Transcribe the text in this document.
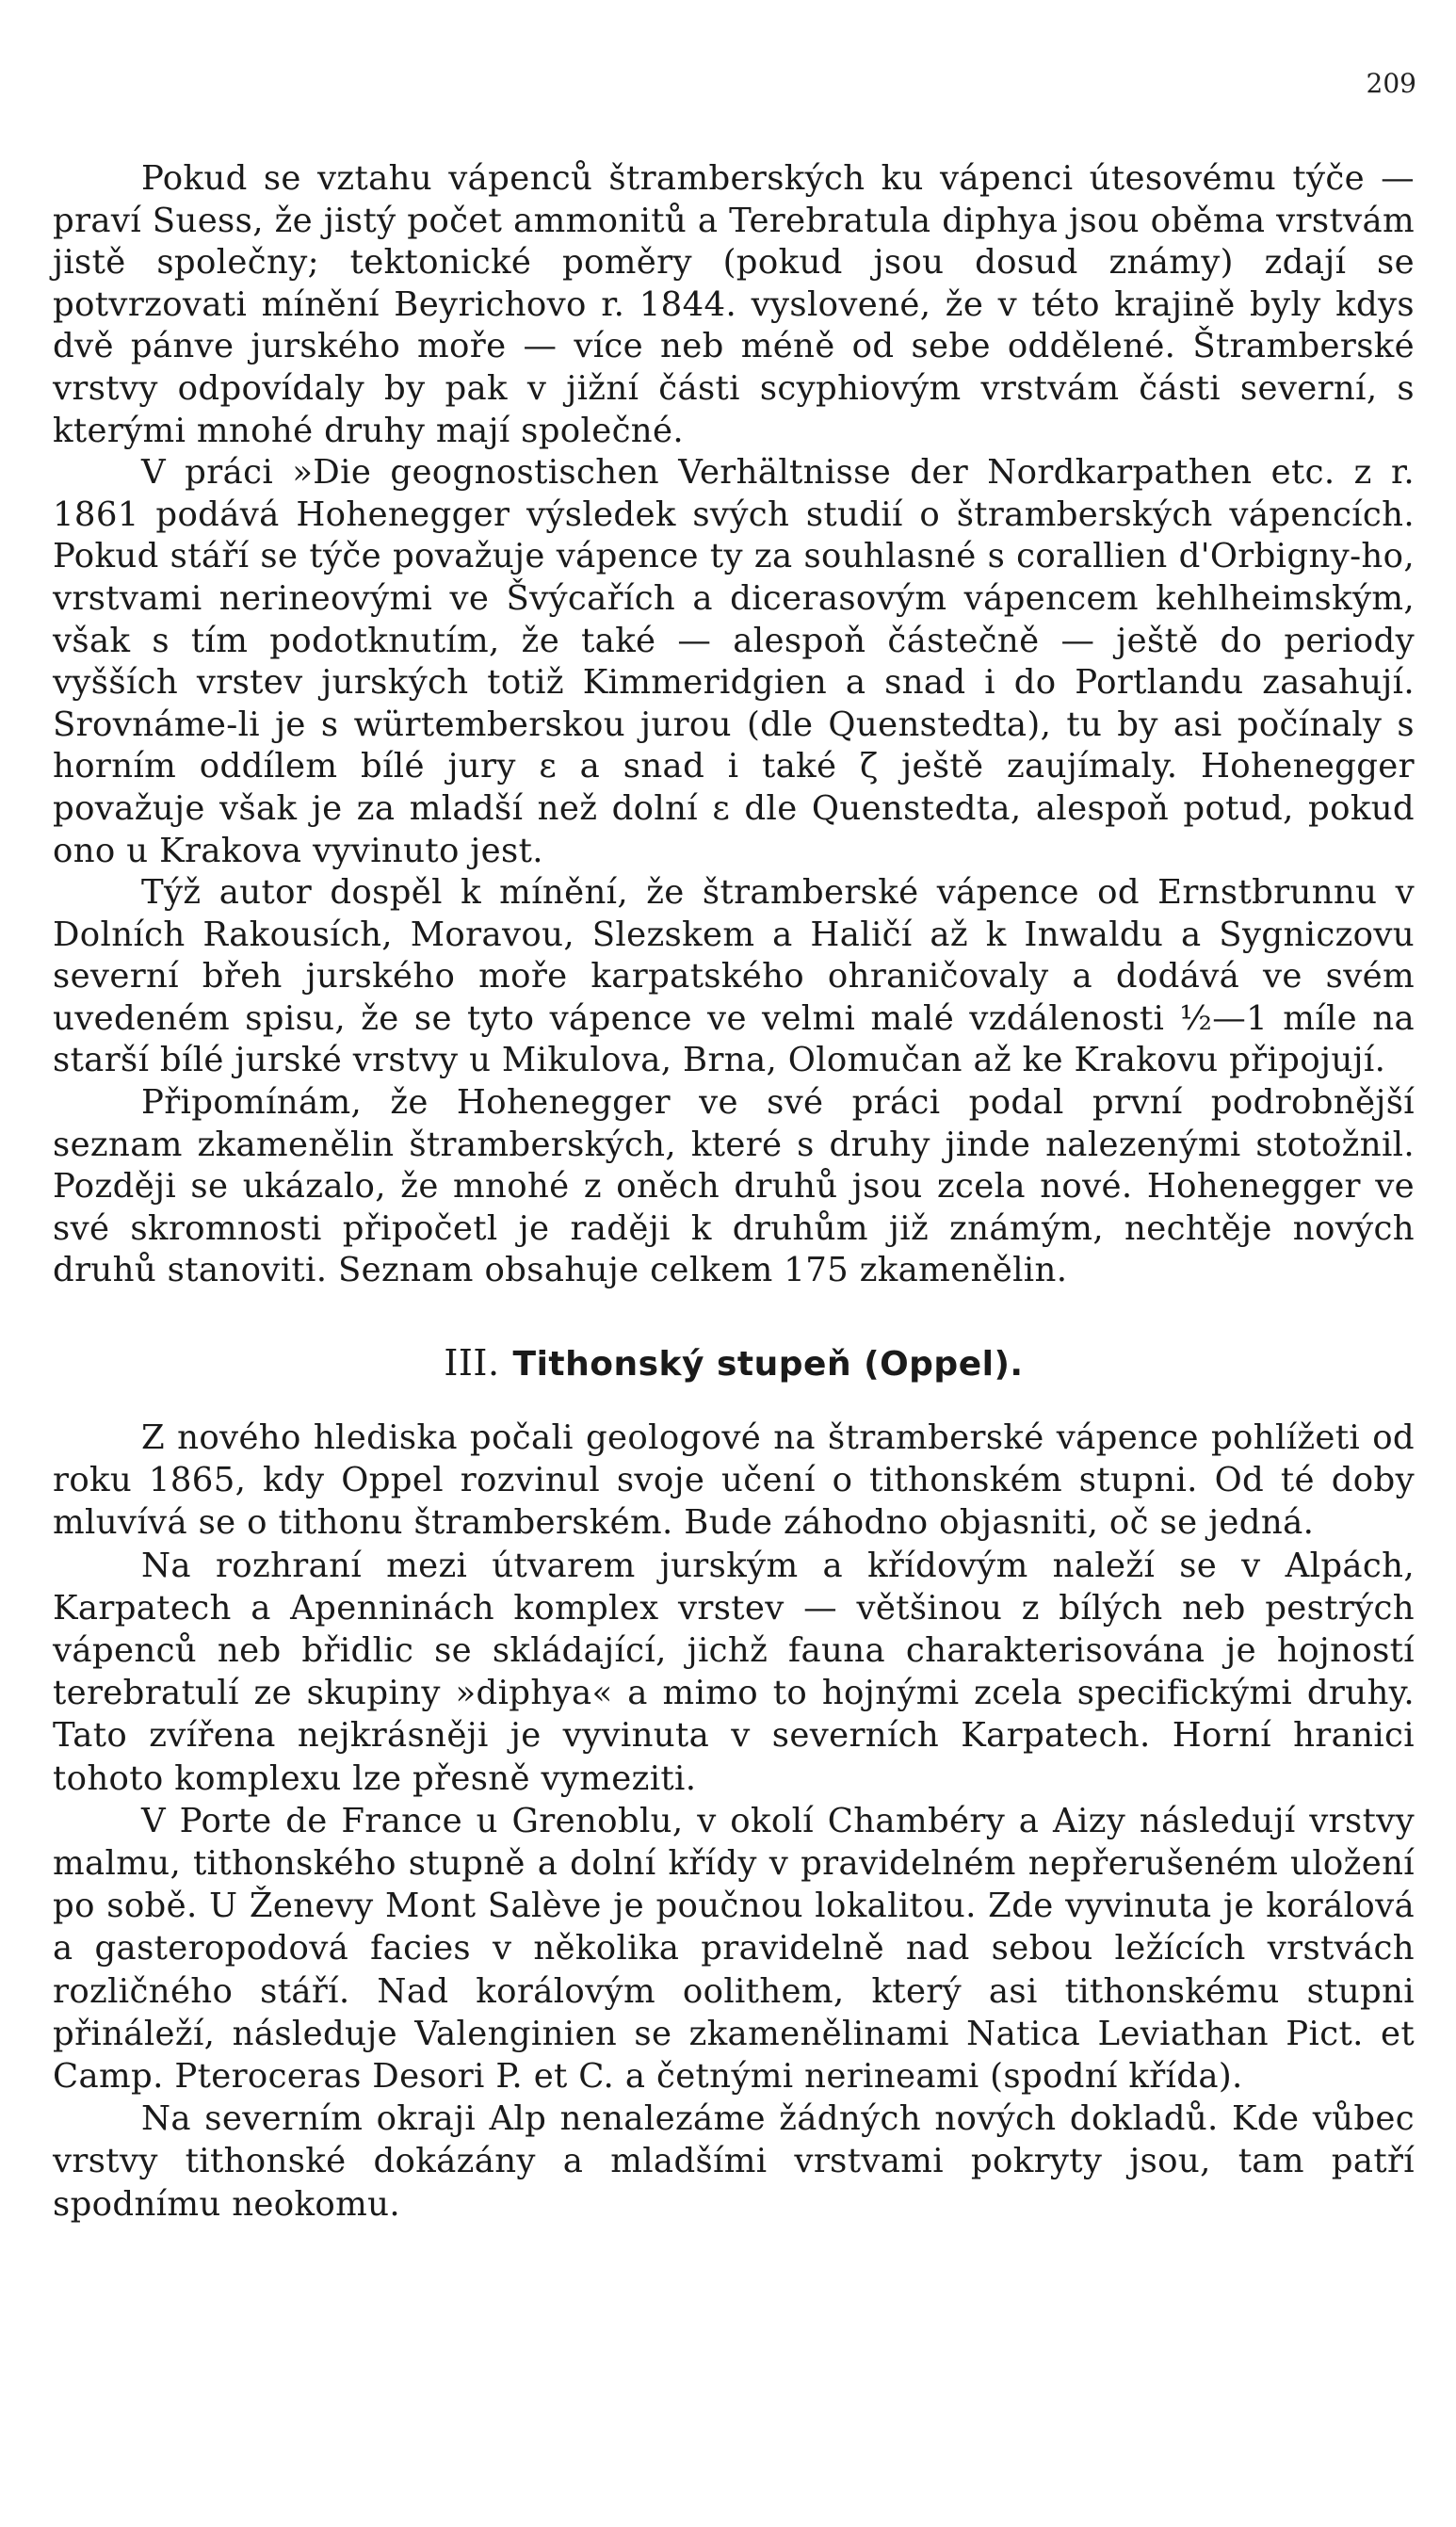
209

Pokud se vztahu vápenců štramberských ku vápenci útesovému týče — praví Suess, že jistý počet ammonitů a Terebratula diphya jsou oběma vrstvám jistě společny; tektonické poměry (pokud jsou dosud známy) zdají se potvrzovati mínění Beyrichovo r. 1844. vyslovené, že v této krajině byly kdys dvě pánve jurského moře — více neb méně od sebe oddělené. Štramberské vrstvy odpovídaly by pak v jižní části scyphiovým vrstvám části severní, s kterými mnohé druhy mají společné.

V práci »Die geognostischen Verhältnisse der Nordkarpathen etc. z r. 1861 podává Hohenegger výsledek svých studií o štramberských vápencích. Pokud stáří se týče považuje vápence ty za souhlasné s corallien d'Orbigny-ho, vrstvami nerineovými ve Švýcařích a dicerasovým vápencem kehlheimským, však s tím podotknutím, že také — alespoň částečně — ještě do periody vyšších vrstev jurských totiž Kimmeridgien a snad i do Portlandu zasahují. Srovnáme-li je s würtemberskou jurou (dle Quenstedta), tu by asi počínaly s horním oddílem bílé jury ε a snad i také ζ ještě zaujímaly. Hohenegger považuje však je za mladší než dolní ε dle Quenstedta, alespoň potud, pokud ono u Krakova vyvinuto jest.

Týž autor dospěl k mínění, že štramberské vápence od Ernstbrunnu v Dolních Rakousích, Moravou, Slezskem a Haličí až k Inwaldu a Sygniczovu severní břeh jurského moře karpatského ohraničovaly a dodává ve svém uvedeném spisu, že se tyto vápence ve velmi malé vzdálenosti ½—1 míle na starší bílé jurské vrstvy u Mikulova, Brna, Olomučan až ke Krakovu připojují.

Připomínám, že Hohenegger ve své práci podal první podrobnější seznam zkamenělin štramberských, které s druhy jinde nalezenými stotožnil. Později se ukázalo, že mnohé z oněch druhů jsou zcela nové. Hohenegger ve své skromnosti připočetl je raději k druhům již známým, nechtěje nových druhů stanoviti. Seznam obsahuje celkem 175 zkamenělin.

III. Tithonský stupeň (Oppel).

Z nového hlediska počali geologové na štramberské vápence pohlížeti od roku 1865, kdy Oppel rozvinul svoje učení o tithonském stupni. Od té doby mluvívá se o tithonu štramberském. Bude záhodno objasniti, oč se jedná.

Na rozhraní mezi útvarem jurským a křídovým naleží se v Alpách, Karpatech a Apenninách komplex vrstev — většinou z bílých neb pestrých vápenců neb břidlic se skládající, jichž fauna charakterisována je hojností terebratulí ze skupiny »diphya« a mimo to hojnými zcela specifickými druhy. Tato zvířena nejkrásněji je vyvinuta v severních Karpatech. Horní hranici tohoto komplexu lze přesně vymeziti.

V Porte de France u Grenoblu, v okolí Chambéry a Aizy následují vrstvy malmu, tithonského stupně a dolní křídy v pravidelném nepřerušeném uložení po sobě. U Ženevy Mont Salève je poučnou lokalitou. Zde vyvinuta je korálová a gasteropodová facies v několika pravidelně nad sebou ležících vrstvách rozličného stáří. Nad korálovým oolithem, který asi tithonskému stupni přináleží, následuje Valenginien se zkamenělinami Natica Leviathan Pict. et Camp. Pteroceras Desori P. et C. a četnými nerineami (spodní křída).

Na severním okraji Alp nenalezáme žádných nových dokladů. Kde vůbec vrstvy tithonské dokázány a mladšími vrstvami pokryty jsou, tam patří spodnímu neokomu.
